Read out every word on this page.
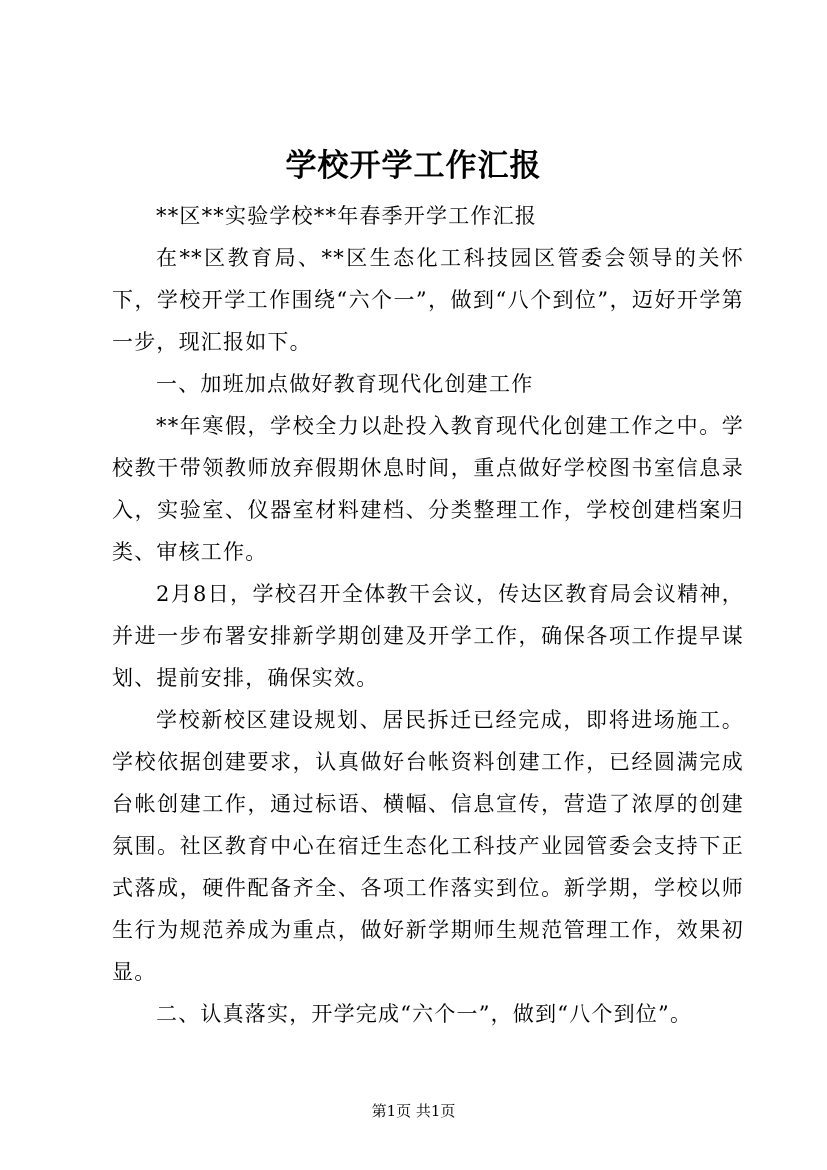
学校开学工作汇报

**区**实验学校**年春季开学工作汇报

在**区教育局、**区生态化工科技园区管委会领导的关怀下，学校开学工作围绕“六个一”，做到“八个到位”，迈好开学第一步，现汇报如下。

一、加班加点做好教育现代化创建工作

**年寒假，学校全力以赴投入教育现代化创建工作之中。学校教干带领教师放弃假期休息时间，重点做好学校图书室信息录入，实验室、仪器室材料建档、分类整理工作，学校创建档案归类、审核工作。

2月8日，学校召开全体教干会议，传达区教育局会议精神，并进一步布署安排新学期创建及开学工作，确保各项工作提早谋划、提前安排，确保实效。

学校新校区建设规划、居民拆迁已经完成，即将进场施工。学校依据创建要求，认真做好台帐资料创建工作，已经圆满完成台帐创建工作，通过标语、横幅、信息宣传，营造了浓厚的创建氛围。社区教育中心在宿迁生态化工科技产业园管委会支持下正式落成，硬件配备齐全、各项工作落实到位。新学期，学校以师生行为规范养成为重点，做好新学期师生规范管理工作，效果初显。

二、认真落实，开学完成“六个一”，做到“八个到位”。

第1页 共1页
